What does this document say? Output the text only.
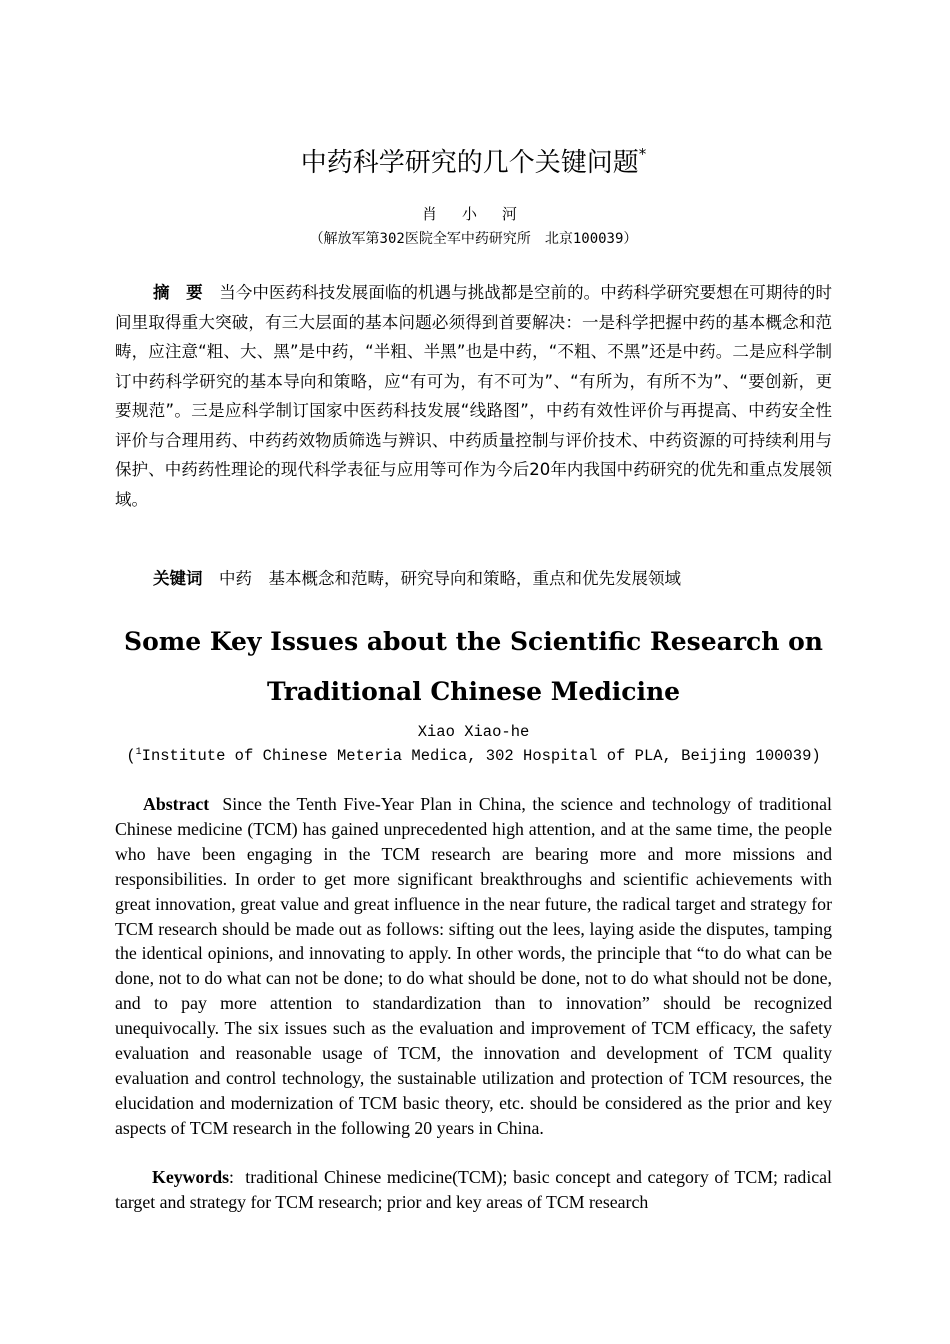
中药科学研究的几个关键问题*
肖 小 河
（解放军第302医院全军中药研究所　北京100039）

摘　要　 当今中医药科技发展面临的机遇与挑战都是空前的。中药科学研究要想在可期待的时间里取得重大突破，有三大层面的基本问题必须得到首要解决：一是科学把握中药的基本概念和范畴，应注意“粗、大、黑”是中药，“半粗、半黑”也是中药，“不粗、不黑”还是中药。二是应科学制订中药科学研究的基本导向和策略，应“有可为，有不可为”、“有所为，有所不为”、“要创新，更要规范”。三是应科学制订国家中医药科技发展“线路图”，中药有效性评价与再提高、中药安全性评价与合理用药、中药药效物质筛选与辨识、中药质量控制与评价技术、中药资源的可持续利用与保护、中药药性理论的现代科学表征与应用等可作为今后20年内我国中药研究的优先和重点发展领域。

关键词　 中药　基本概念和范畴，研究导向和策略，重点和优先发展领域

Some Key Issues about the Scientific Research on Traditional Chinese Medicine
Xiao Xiao-he
($^1$Institute of Chinese Meteria Medica, 302 Hospital of PLA, Beijing 100039)

Abstract Since the Tenth Five-Year Plan in China, the science and technology of traditional Chinese medicine (TCM) has gained unprecedented high attention, and at the same time, the people who have been engaging in the TCM research are bearing more and more missions and responsibilities. In order to get more significant breakthroughs and scientific achievements with great innovation, great value and great influence in the near future, the radical target and strategy for TCM research should be made out as follows: sifting out the lees, laying aside the disputes, tamping the identical opinions, and innovating to apply. In other words, the principle that “to do what can be done, not to do what can not be done; to do what should be done, not to do what should not be done, and to pay more attention to standardization than to innovation” should be recognized unequivocally. The six issues such as the evaluation and improvement of TCM efficacy, the safety evaluation and reasonable usage of TCM, the innovation and development of TCM quality evaluation and control technology, the sustainable utilization and protection of TCM resources, the elucidation and modernization of TCM basic theory, etc. should be considered as the prior and key aspects of TCM research in the following 20 years in China.

Keywords:  traditional Chinese medicine(TCM); basic concept and category of TCM; radical target and strategy for TCM research; prior and key areas of TCM research
